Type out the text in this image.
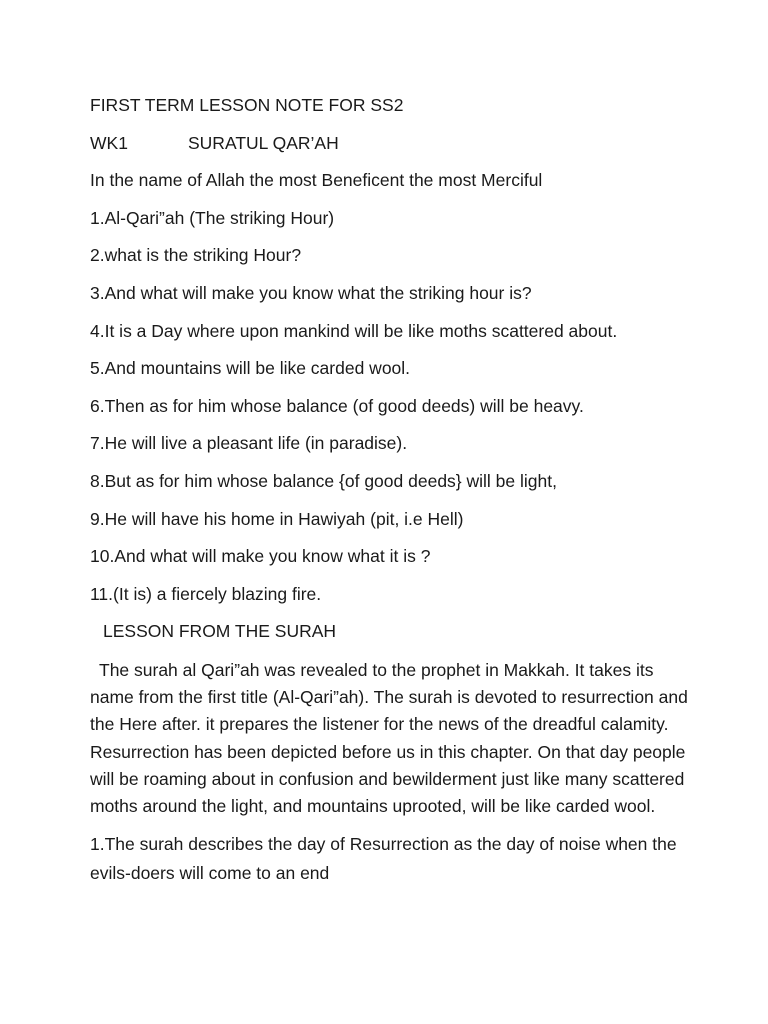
FIRST TERM LESSON NOTE FOR SS2
WK1	SURATUL QAR’AH
In the name of Allah the most Beneficent the most Merciful
1.Al-Qari”ah (The striking Hour)
2.what is the striking Hour?
3.And what will make you know what the striking hour is?
4.It is a Day where upon mankind will be like moths scattered about.
5.And mountains will be like carded wool.
6.Then as for him whose balance (of good deeds) will be heavy.
7.He will live a pleasant life (in paradise).
8.But as for him whose balance {of good deeds} will be light,
9.He will have his home in Hawiyah (pit, i.e Hell)
10.And what will make you know what it is ?
11.(It is) a fiercely blazing fire.
LESSON FROM THE SURAH
The surah al Qari”ah was revealed to the prophet in Makkah. It takes its name from the first title (Al-Qari”ah). The surah is devoted to resurrection and the Here after. it prepares the listener for the news of the dreadful calamity. Resurrection has been depicted before us in this chapter. On that day people will be roaming about in confusion and bewilderment just like many scattered moths around the light, and mountains uprooted, will be like carded wool.
1.The surah describes the day of Resurrection as the day of noise when the evils-doers will come to an end
